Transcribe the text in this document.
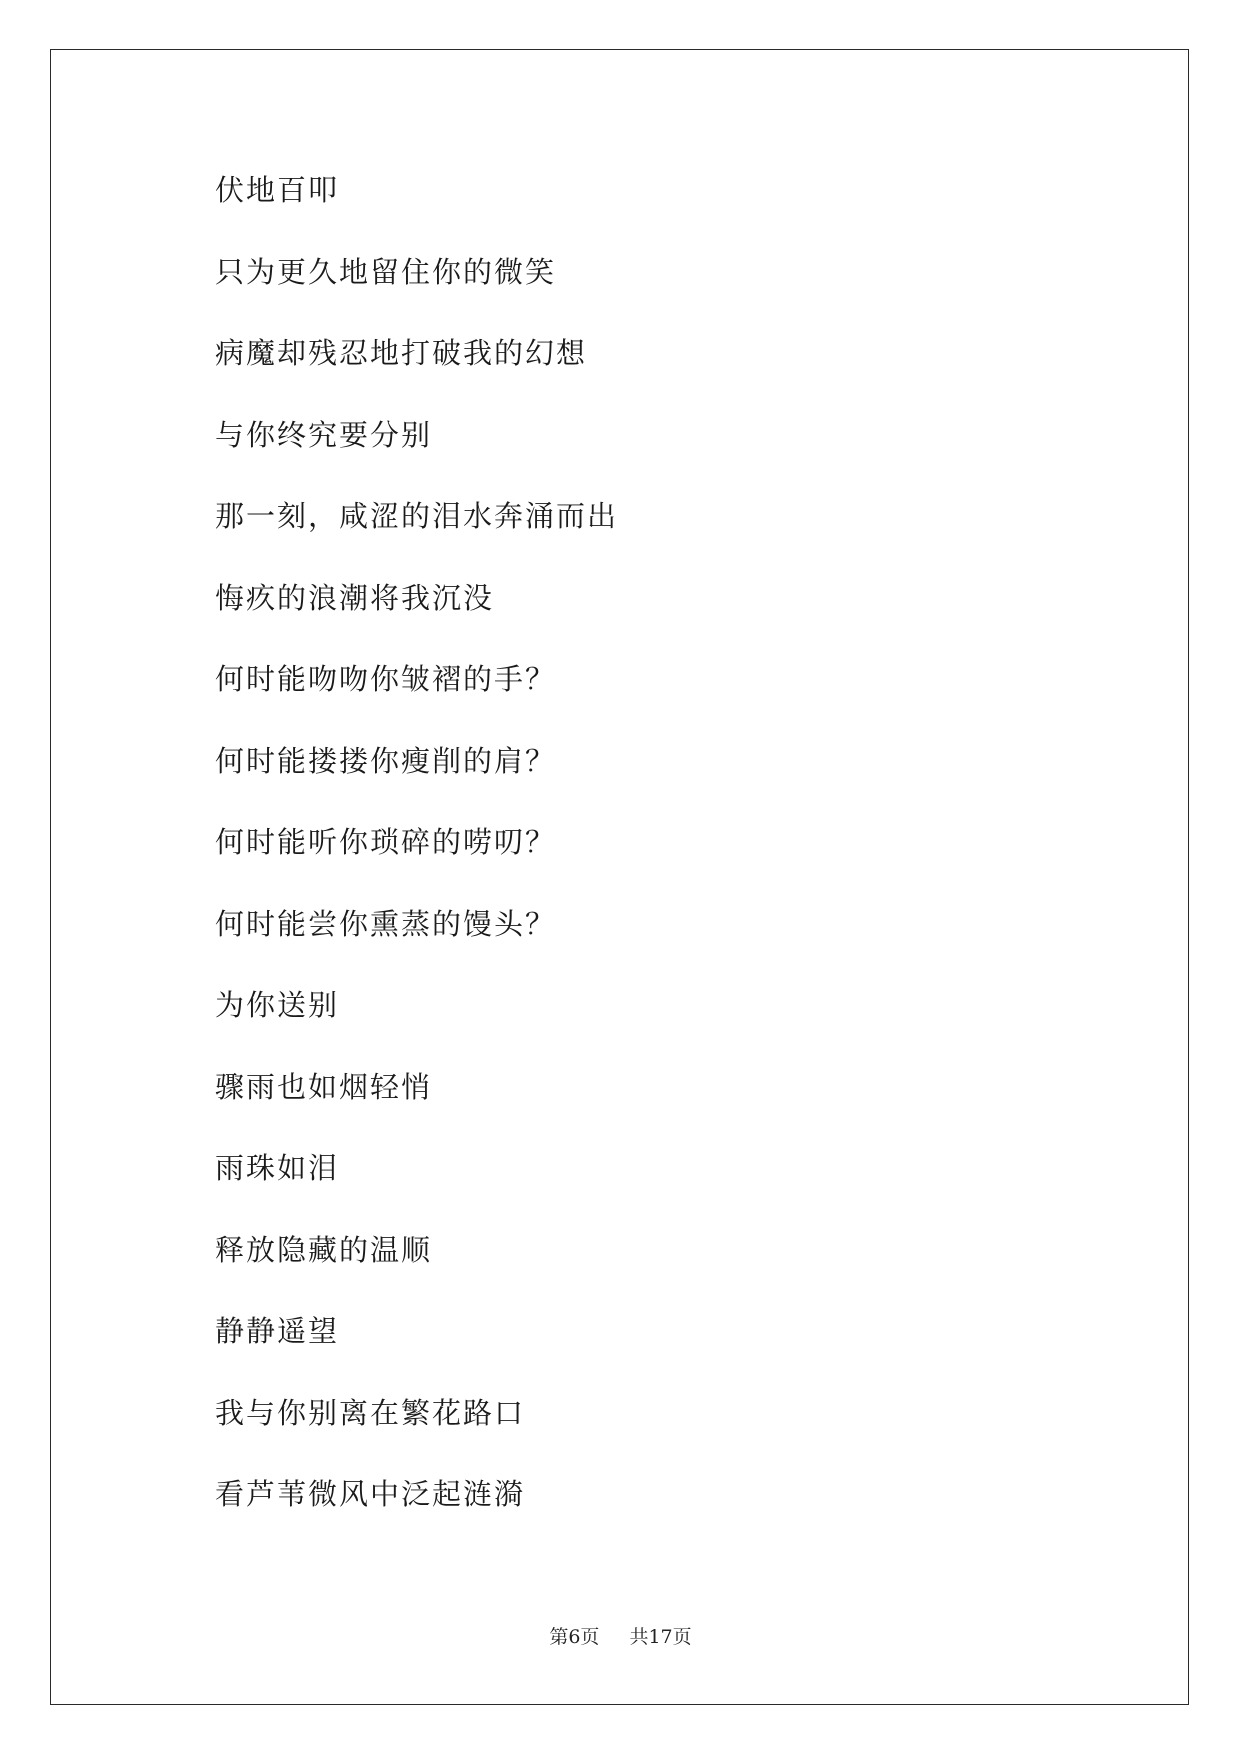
伏地百叩
只为更久地留住你的微笑
病魔却残忍地打破我的幻想
与你终究要分别
那一刻，咸涩的泪水奔涌而出
悔疚的浪潮将我沉没
何时能吻吻你皱褶的手？
何时能搂搂你瘦削的肩？
何时能听你琐碎的唠叨？
何时能尝你熏蒸的馒头？
为你送别
骤雨也如烟轻悄
雨珠如泪
释放隐藏的温顺
静静遥望
我与你别离在繁花路口
看芦苇微风中泛起涟漪
第6页 共17页
